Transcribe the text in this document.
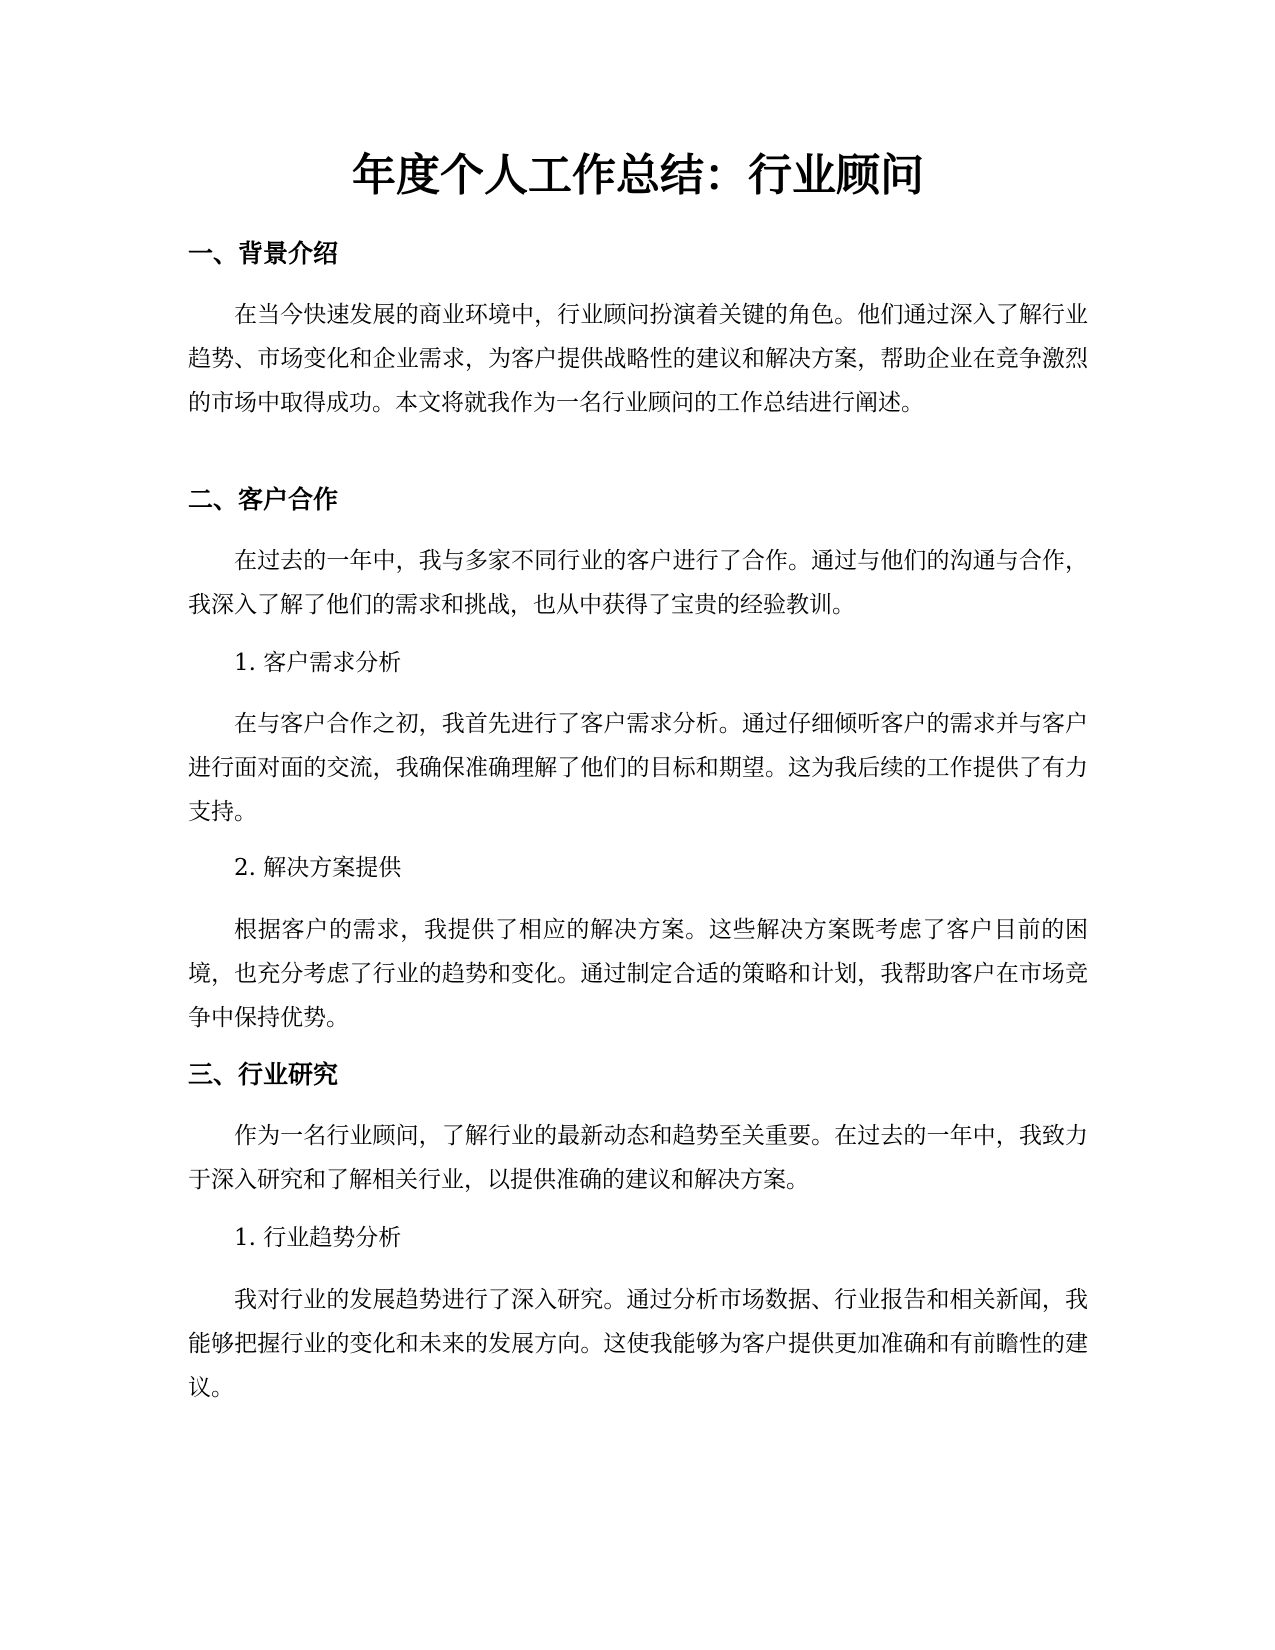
年度个人工作总结：行业顾问
一、背景介绍

在当今快速发展的商业环境中，行业顾问扮演着关键的角色。他们通过深入了解行业趋势、市场变化和企业需求，为客户提供战略性的建议和解决方案，帮助企业在竞争激烈的市场中取得成功。本文将就我作为一名行业顾问的工作总结进行阐述。

二、客户合作

在过去的一年中，我与多家不同行业的客户进行了合作。通过与他们的沟通与合作，我深入了解了他们的需求和挑战，也从中获得了宝贵的经验教训。

1. 客户需求分析

在与客户合作之初，我首先进行了客户需求分析。通过仔细倾听客户的需求并与客户进行面对面的交流，我确保准确理解了他们的目标和期望。这为我后续的工作提供了有力支持。

2. 解决方案提供

根据客户的需求，我提供了相应的解决方案。这些解决方案既考虑了客户目前的困境，也充分考虑了行业的趋势和变化。通过制定合适的策略和计划，我帮助客户在市场竞争中保持优势。

三、行业研究

作为一名行业顾问，了解行业的最新动态和趋势至关重要。在过去的一年中，我致力于深入研究和了解相关行业，以提供准确的建议和解决方案。

1. 行业趋势分析

我对行业的发展趋势进行了深入研究。通过分析市场数据、行业报告和相关新闻，我能够把握行业的变化和未来的发展方向。这使我能够为客户提供更加准确和有前瞻性的建议。
